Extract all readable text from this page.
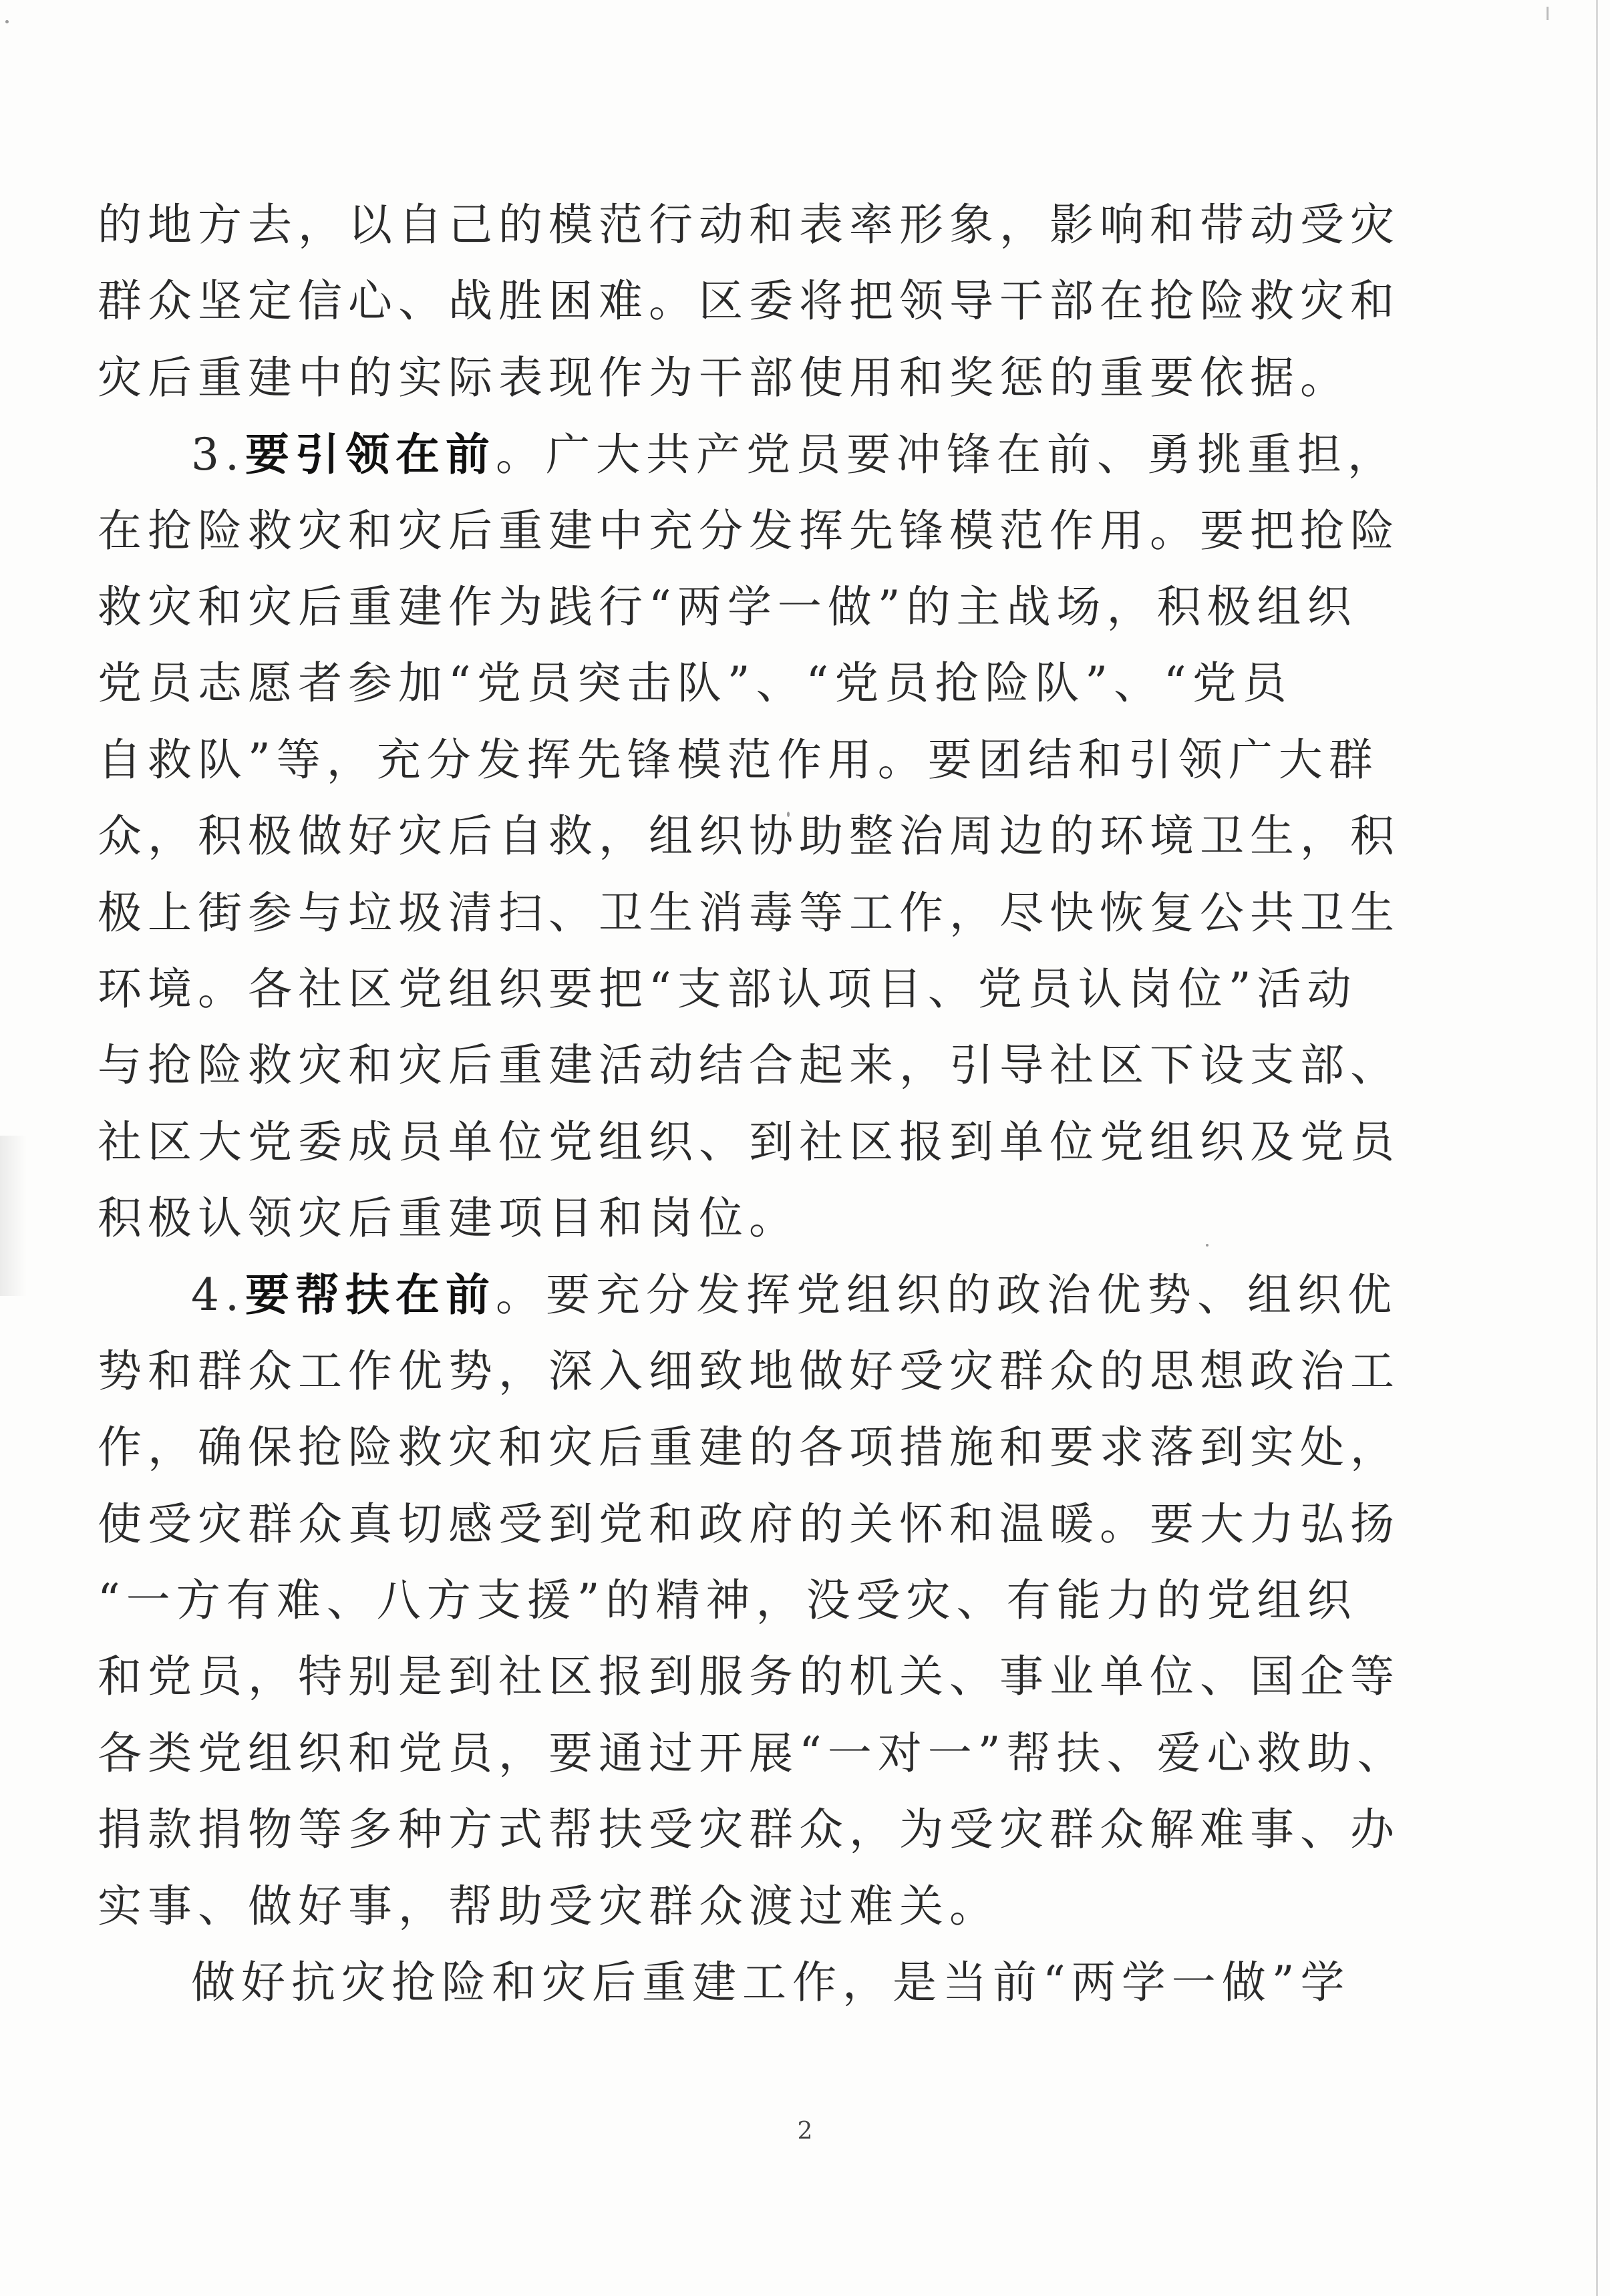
的地方去，以自己的模范行动和表率形象，影响和带动受灾
群众坚定信心、战胜困难。区委将把领导干部在抢险救灾和
灾后重建中的实际表现作为干部使用和奖惩的重要依据。
3.要引领在前。广大共产党员要冲锋在前、勇挑重担，
在抢险救灾和灾后重建中充分发挥先锋模范作用。要把抢险
救灾和灾后重建作为践行“两学一做”的主战场，积极组织
党员志愿者参加“党员突击队”、“党员抢险队”、“党员
自救队”等，充分发挥先锋模范作用。要团结和引领广大群
众，积极做好灾后自救，组织协助整治周边的环境卫生，积
极上街参与垃圾清扫、卫生消毒等工作，尽快恢复公共卫生
环境。各社区党组织要把“支部认项目、党员认岗位”活动
与抢险救灾和灾后重建活动结合起来，引导社区下设支部、
社区大党委成员单位党组织、到社区报到单位党组织及党员
积极认领灾后重建项目和岗位。
4.要帮扶在前。要充分发挥党组织的政治优势、组织优
势和群众工作优势，深入细致地做好受灾群众的思想政治工
作，确保抢险救灾和灾后重建的各项措施和要求落到实处，
使受灾群众真切感受到党和政府的关怀和温暖。要大力弘扬
“一方有难、八方支援”的精神，没受灾、有能力的党组织
和党员，特别是到社区报到服务的机关、事业单位、国企等
各类党组织和党员，要通过开展“一对一”帮扶、爱心救助、
捐款捐物等多种方式帮扶受灾群众，为受灾群众解难事、办
实事、做好事，帮助受灾群众渡过难关。
做好抗灾抢险和灾后重建工作，是当前“两学一做”学
2
